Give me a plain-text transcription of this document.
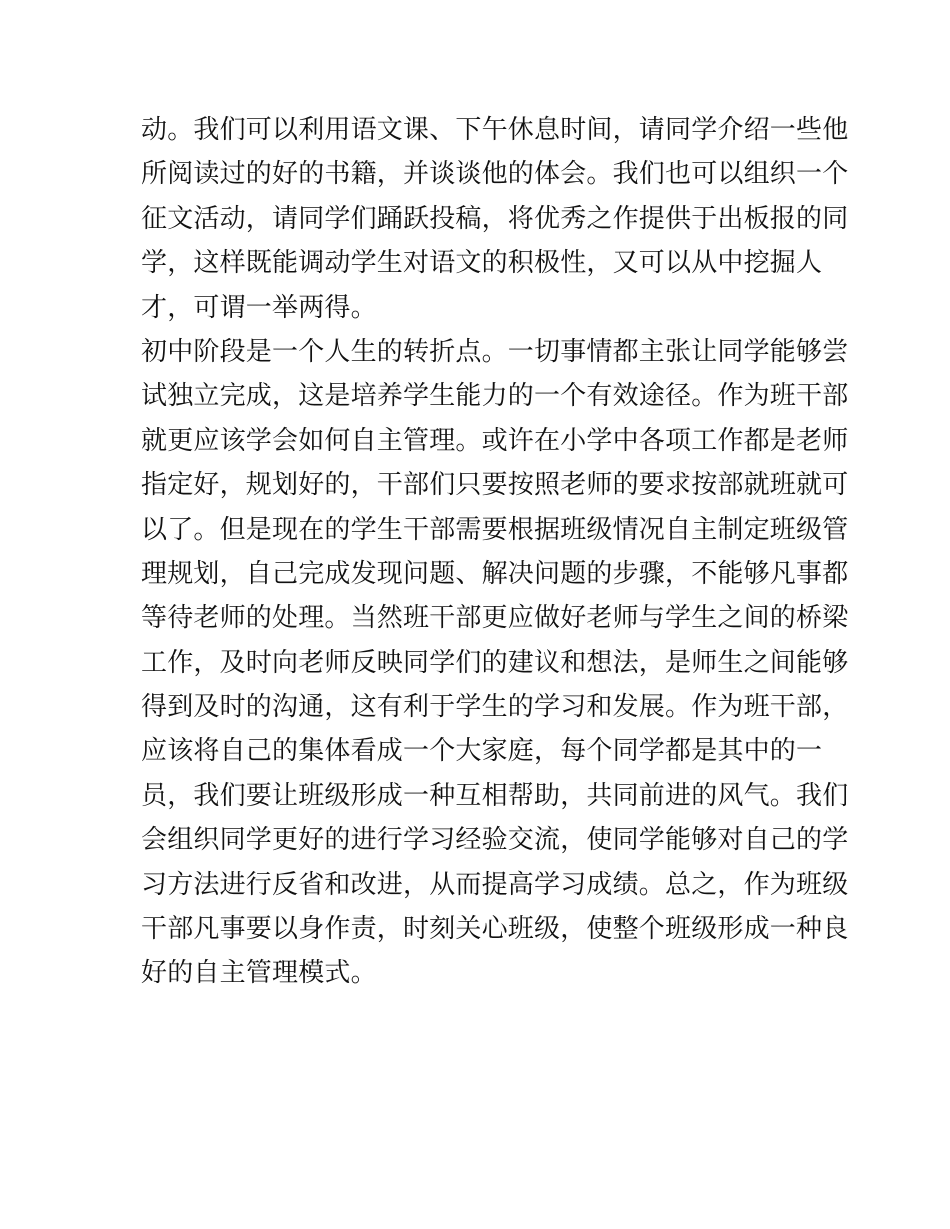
动。我们可以利用语文课、下午休息时间，请同学介绍一些他
所阅读过的好的书籍，并谈谈他的体会。我们也可以组织一个
征文活动，请同学们踊跃投稿，将优秀之作提供于出板报的同
学，这样既能调动学生对语文的积极性，又可以从中挖掘人
才，可谓一举两得。
初中阶段是一个人生的转折点。一切事情都主张让同学能够尝
试独立完成，这是培养学生能力的一个有效途径。作为班干部
就更应该学会如何自主管理。或许在小学中各项工作都是老师
指定好，规划好的，干部们只要按照老师的要求按部就班就可
以了。但是现在的学生干部需要根据班级情况自主制定班级管
理规划，自己完成发现问题、解决问题的步骤，不能够凡事都
等待老师的处理。当然班干部更应做好老师与学生之间的桥梁
工作，及时向老师反映同学们的建议和想法，是师生之间能够
得到及时的沟通，这有利于学生的学习和发展。作为班干部，
应该将自己的集体看成一个大家庭，每个同学都是其中的一
员，我们要让班级形成一种互相帮助，共同前进的风气。我们
会组织同学更好的进行学习经验交流，使同学能够对自己的学
习方法进行反省和改进，从而提高学习成绩。总之，作为班级
干部凡事要以身作责，时刻关心班级，使整个班级形成一种良
好的自主管理模式。
